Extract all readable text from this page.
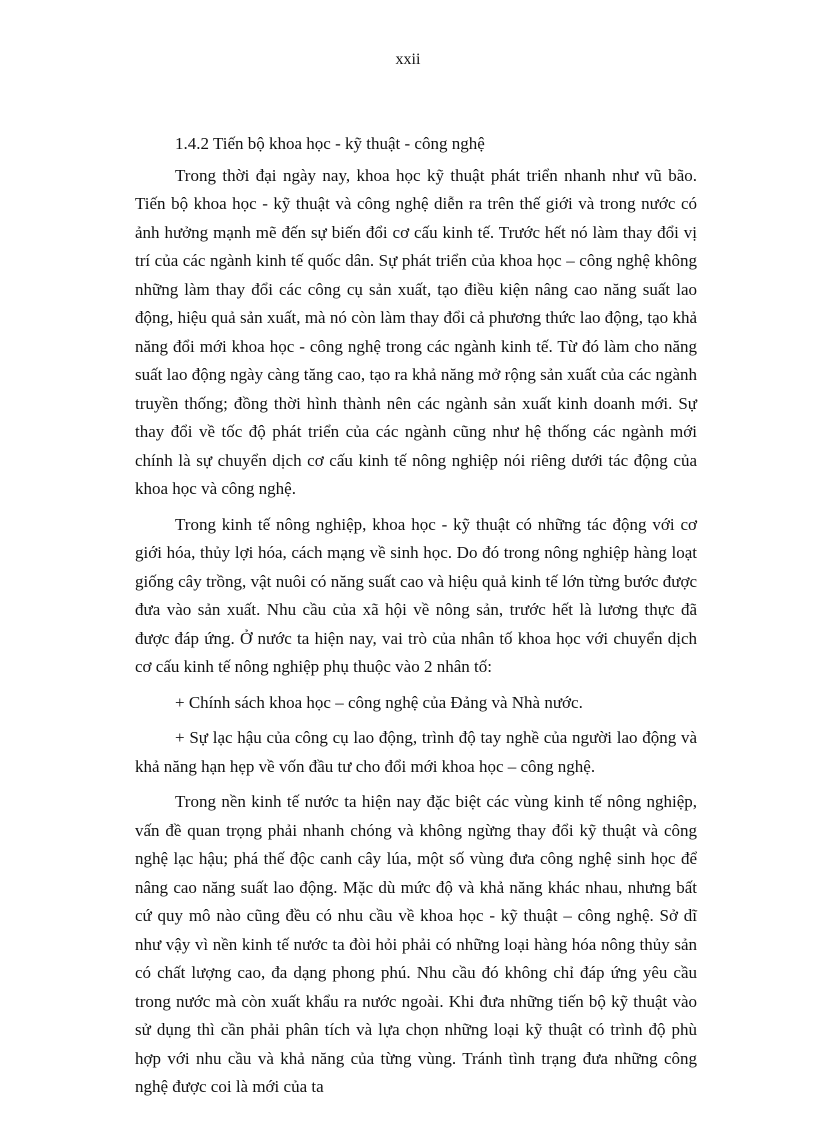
xxii
1.4.2 Tiến bộ khoa học - kỹ thuật - công nghệ

Trong thời đại ngày nay, khoa học kỹ thuật phát triển nhanh như vũ bão. Tiến bộ khoa học - kỹ thuật và công nghệ diễn ra trên thế giới và trong nước có ảnh hưởng mạnh mẽ đến sự biến đổi cơ cấu kinh tế. Trước hết nó làm thay đổi vị trí của các ngành kinh tế quốc dân. Sự phát triển của khoa học – công nghệ không những làm thay đổi các công cụ sản xuất, tạo điều kiện nâng cao năng suất lao động, hiệu quả sản xuất, mà nó còn làm thay đổi cả phương thức lao động, tạo khả năng đổi mới khoa học - công nghệ trong các ngành kinh tế. Từ đó làm cho năng suất lao động ngày càng tăng cao, tạo ra khả năng mở rộng sản xuất của các ngành truyền thống; đồng thời hình thành nên các ngành sản xuất kinh doanh mới. Sự thay đổi về tốc độ phát triển của các ngành cũng như hệ thống các ngành mới chính là sự chuyển dịch cơ cấu kinh tế nông nghiệp nói riêng dưới tác động của khoa học và công nghệ.

Trong kinh tế nông nghiệp, khoa học - kỹ thuật có những tác động với cơ giới hóa, thủy lợi hóa, cách mạng về sinh học. Do đó trong nông nghiệp hàng loạt giống cây trồng, vật nuôi có năng suất cao và hiệu quả kinh tế lớn từng bước được đưa vào sản xuất. Nhu cầu của xã hội về nông sản, trước hết là lương thực đã được đáp ứng. Ở nước ta hiện nay, vai trò của nhân tố khoa học với chuyển dịch cơ cấu kinh tế nông nghiệp phụ thuộc vào 2 nhân tố:

+ Chính sách khoa học – công nghệ của Đảng và Nhà nước.

+ Sự lạc hậu của công cụ lao động, trình độ tay nghề của người lao động và khả năng hạn hẹp về vốn đầu tư cho đổi mới khoa học – công nghệ.

Trong nền kinh tế nước ta hiện nay đặc biệt các vùng kinh tế nông nghiệp, vấn đề quan trọng phải nhanh chóng và không ngừng thay đổi kỹ thuật và công nghệ lạc hậu; phá thế độc canh cây lúa, một số vùng đưa công nghệ sinh học để nâng cao năng suất lao động. Mặc dù mức độ và khả năng khác nhau, nhưng bất cứ quy mô nào cũng đều có nhu cầu về khoa học - kỹ thuật – công nghệ. Sở dĩ như vậy vì nền kinh tế nước ta đòi hỏi phải có những loại hàng hóa nông thủy sản có chất lượng cao, đa dạng phong phú. Nhu cầu đó không chỉ đáp ứng yêu cầu trong nước mà còn xuất khẩu ra nước ngoài. Khi đưa những tiến bộ kỹ thuật vào sử dụng thì cần phải phân tích và lựa chọn những loại kỹ thuật có trình độ phù hợp với nhu cầu và khả năng của từng vùng. Tránh tình trạng đưa những công nghệ được coi là mới của ta
